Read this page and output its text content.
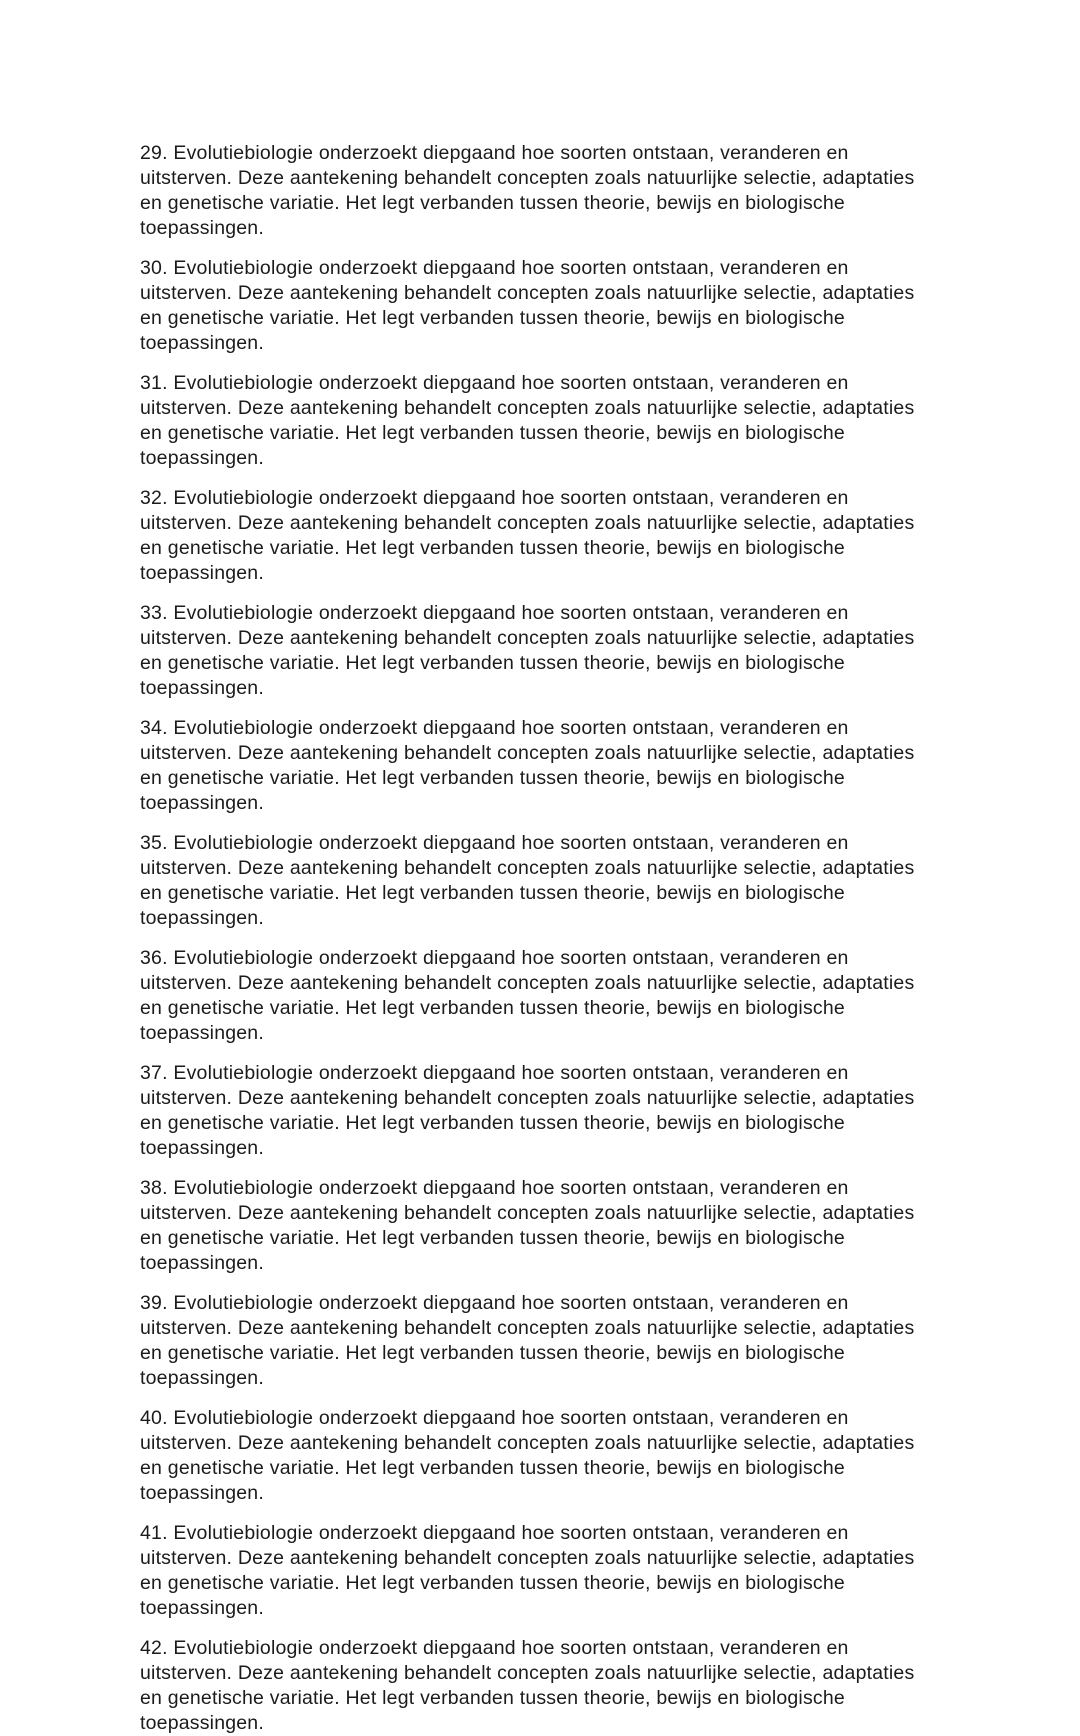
29. Evolutiebiologie onderzoekt diepgaand hoe soorten ontstaan, veranderen en uitsterven. Deze aantekening behandelt concepten zoals natuurlijke selectie, adaptaties en genetische variatie. Het legt verbanden tussen theorie, bewijs en biologische toepassingen.

30. Evolutiebiologie onderzoekt diepgaand hoe soorten ontstaan, veranderen en uitsterven. Deze aantekening behandelt concepten zoals natuurlijke selectie, adaptaties en genetische variatie. Het legt verbanden tussen theorie, bewijs en biologische toepassingen.

31. Evolutiebiologie onderzoekt diepgaand hoe soorten ontstaan, veranderen en uitsterven. Deze aantekening behandelt concepten zoals natuurlijke selectie, adaptaties en genetische variatie. Het legt verbanden tussen theorie, bewijs en biologische toepassingen.

32. Evolutiebiologie onderzoekt diepgaand hoe soorten ontstaan, veranderen en uitsterven. Deze aantekening behandelt concepten zoals natuurlijke selectie, adaptaties en genetische variatie. Het legt verbanden tussen theorie, bewijs en biologische toepassingen.

33. Evolutiebiologie onderzoekt diepgaand hoe soorten ontstaan, veranderen en uitsterven. Deze aantekening behandelt concepten zoals natuurlijke selectie, adaptaties en genetische variatie. Het legt verbanden tussen theorie, bewijs en biologische toepassingen.

34. Evolutiebiologie onderzoekt diepgaand hoe soorten ontstaan, veranderen en uitsterven. Deze aantekening behandelt concepten zoals natuurlijke selectie, adaptaties en genetische variatie. Het legt verbanden tussen theorie, bewijs en biologische toepassingen.

35. Evolutiebiologie onderzoekt diepgaand hoe soorten ontstaan, veranderen en uitsterven. Deze aantekening behandelt concepten zoals natuurlijke selectie, adaptaties en genetische variatie. Het legt verbanden tussen theorie, bewijs en biologische toepassingen.

36. Evolutiebiologie onderzoekt diepgaand hoe soorten ontstaan, veranderen en uitsterven. Deze aantekening behandelt concepten zoals natuurlijke selectie, adaptaties en genetische variatie. Het legt verbanden tussen theorie, bewijs en biologische toepassingen.

37. Evolutiebiologie onderzoekt diepgaand hoe soorten ontstaan, veranderen en uitsterven. Deze aantekening behandelt concepten zoals natuurlijke selectie, adaptaties en genetische variatie. Het legt verbanden tussen theorie, bewijs en biologische toepassingen.

38. Evolutiebiologie onderzoekt diepgaand hoe soorten ontstaan, veranderen en uitsterven. Deze aantekening behandelt concepten zoals natuurlijke selectie, adaptaties en genetische variatie. Het legt verbanden tussen theorie, bewijs en biologische toepassingen.

39. Evolutiebiologie onderzoekt diepgaand hoe soorten ontstaan, veranderen en uitsterven. Deze aantekening behandelt concepten zoals natuurlijke selectie, adaptaties en genetische variatie. Het legt verbanden tussen theorie, bewijs en biologische toepassingen.

40. Evolutiebiologie onderzoekt diepgaand hoe soorten ontstaan, veranderen en uitsterven. Deze aantekening behandelt concepten zoals natuurlijke selectie, adaptaties en genetische variatie. Het legt verbanden tussen theorie, bewijs en biologische toepassingen.

41. Evolutiebiologie onderzoekt diepgaand hoe soorten ontstaan, veranderen en uitsterven. Deze aantekening behandelt concepten zoals natuurlijke selectie, adaptaties en genetische variatie. Het legt verbanden tussen theorie, bewijs en biologische toepassingen.

42. Evolutiebiologie onderzoekt diepgaand hoe soorten ontstaan, veranderen en uitsterven. Deze aantekening behandelt concepten zoals natuurlijke selectie, adaptaties en genetische variatie. Het legt verbanden tussen theorie, bewijs en biologische toepassingen.
